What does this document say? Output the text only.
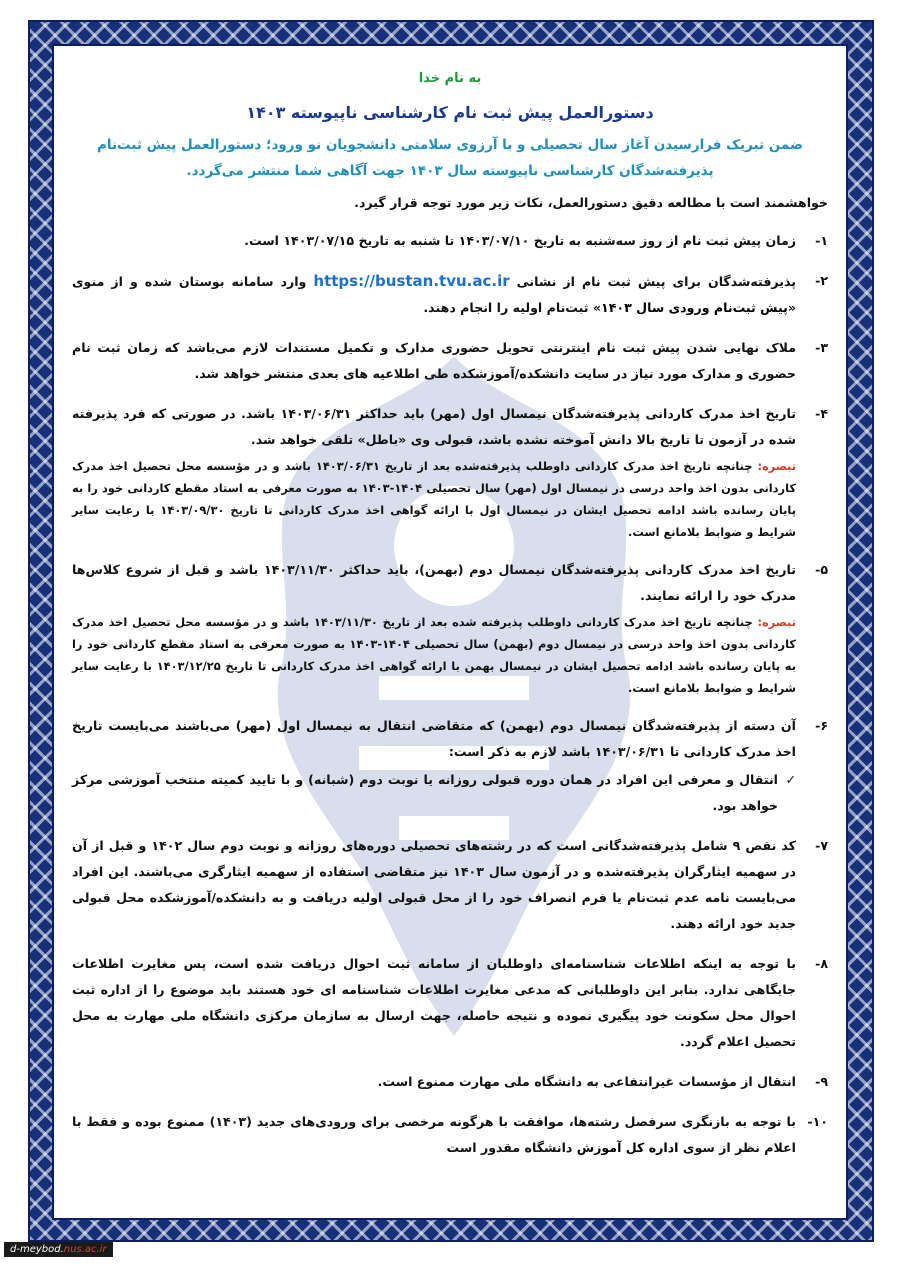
به نام خدا

دستورالعمل پیش ثبت نام کارشناسی ناپیوسته ۱۴۰۳

ضمن تبریک فرارسیدن آغاز سال تحصیلی و با آرزوی سلامتی دانشجویان نو ورود؛ دستورالعمل پیش ثبت‌نام پذیرفته‌شدگان کارشناسی ناپیوسته سال ۱۴۰۳ جهت آگاهی شما منتشر می‌گردد.

خواهشمند است با مطالعه دقیق دستورالعمل، نکات زیر مورد توجه قرار گیرد.

۱-
زمان پیش ثبت نام از روز سه‌شنبه به تاریخ ۱۴۰۳/۰۷/۱۰ تا شنبه به تاریخ ۱۴۰۳/۰۷/۱۵ است.
۲-
پذیرفته‌شدگان برای پیش ثبت نام از نشانی https://bustan.tvu.ac.ir وارد سامانه بوستان شده و از منوی «پیش ثبت‌نام ورودی سال ۱۴۰۳» ثبت‌نام اولیه را انجام دهند.
۳-
ملاک نهایی شدن پیش ثبت نام اینترنتی تحویل حضوری مدارک و تکمیل مستندات لازم می‌باشد که زمان ثبت نام حضوری و مدارک مورد نیاز در سایت دانشکده/آموزشکده طی اطلاعیه های بعدی منتشر خواهد شد.
۴-
تاریخ اخذ مدرک کاردانی پذیرفته‌شدگان نیمسال اول (مهر) باید حداکثر ۱۴۰۳/۰۶/۳۱ باشد. در صورتی که فرد پذیرفته شده در آزمون تا تاریخ بالا دانش آموخته نشده باشد، قبولی وی «باطل» تلقی خواهد شد.
تبصره: چنانچه تاریخ اخذ مدرک کاردانی داوطلب پذیرفته‌شده بعد از تاریخ ۱۴۰۳/۰۶/۳۱ باشد و در مؤسسه محل تحصیل اخذ مدرک کاردانی بدون اخذ واحد درسی در نیمسال اول (مهر) سال تحصیلی ۱۴۰۴-۱۴۰۳ به صورت معرفی به استاد مقطع کاردانی خود را به پایان رسانده باشد ادامه تحصیل ایشان در نیمسال اول با ارائه گواهی اخذ مدرک کاردانی تا تاریخ ۱۴۰۳/۰۹/۳۰ با رعایت سایر شرایط و ضوابط بلامانع است.
۵-
تاریخ اخذ مدرک کاردانی پذیرفته‌شدگان نیمسال دوم (بهمن)، باید حداکثر ۱۴۰۳/۱۱/۳۰ باشد و قبل از شروع کلاس‌ها مدرک خود را ارائه نمایند.
تبصره: چنانچه تاریخ اخذ مدرک کاردانی داوطلب پذیرفته شده بعد از تاریخ ۱۴۰۳/۱۱/۳۰ باشد و در مؤسسه محل تحصیل اخذ مدرک کاردانی بدون اخذ واحد درسی در نیمسال دوم (بهمن) سال تحصیلی ۱۴۰۴-۱۴۰۳ به صورت معرفی به استاد مقطع کاردانی خود را به پایان رسانده باشد ادامه تحصیل ایشان در نیمسال بهمن با ارائه گواهی اخذ مدرک کاردانی تا تاریخ ۱۴۰۳/۱۲/۲۵ با رعایت سایر شرایط و ضوابط بلامانع است.
۶-
آن دسته از پذیرفته‌شدگان نیمسال دوم (بهمن) که متقاضی انتقال به نیمسال اول (مهر) می‌باشند می‌بایست تاریخ اخذ مدرک کاردانی تا ۱۴۰۳/۰۶/۳۱ باشد لازم به ذکر است:
✓
انتقال و معرفی این افراد در همان دوره قبولی روزانه یا نوبت دوم (شبانه) و با تایید کمیته منتخب آموزشی مرکز خواهد بود.
۷-
کد نقص ۹ شامل پذیرفته‌شدگانی است که در رشته‌های تحصیلی دوره‌های روزانه و نوبت دوم سال ۱۴۰۲ و قبل از آن در سهمیه ایثارگران پذیرفته‌شده و در آزمون سال ۱۴۰۳ نیز متقاضی استفاده از سهمیه ایثارگری می‌باشند. این افراد می‌بایست نامه عدم ثبت‌نام یا فرم انصراف خود را از محل قبولی اولیه دریافت و به دانشکده/آموزشکده محل قبولی جدید خود ارائه دهند.
۸-
با توجه به اینکه اطلاعات شناسنامه‌ای داوطلبان از سامانه ثبت احوال دریافت شده است، پس مغایرت اطلاعات جایگاهی ندارد. بنابر این داوطلبانی که مدعی مغایرت اطلاعات شناسنامه ای خود هستند باید موضوع را از اداره ثبت احوال محل سکونت خود پیگیری نموده و نتیجه حاصله، جهت ارسال به سازمان مرکزی دانشگاه ملی مهارت به محل تحصیل اعلام گردد.
۹-
انتقال از مؤسسات غیرانتفاعی به دانشگاه ملی مهارت ممنوع است.
۱۰-
با توجه به بازنگری سرفصل رشته‌ها، موافقت با هرگونه مرخصی برای ورودی‌های جدید (۱۴۰۳) ممنوع بوده و فقط با اعلام نظر از سوی اداره کل آموزش دانشگاه مقدور است
d-meybod.nus.ac.ir
